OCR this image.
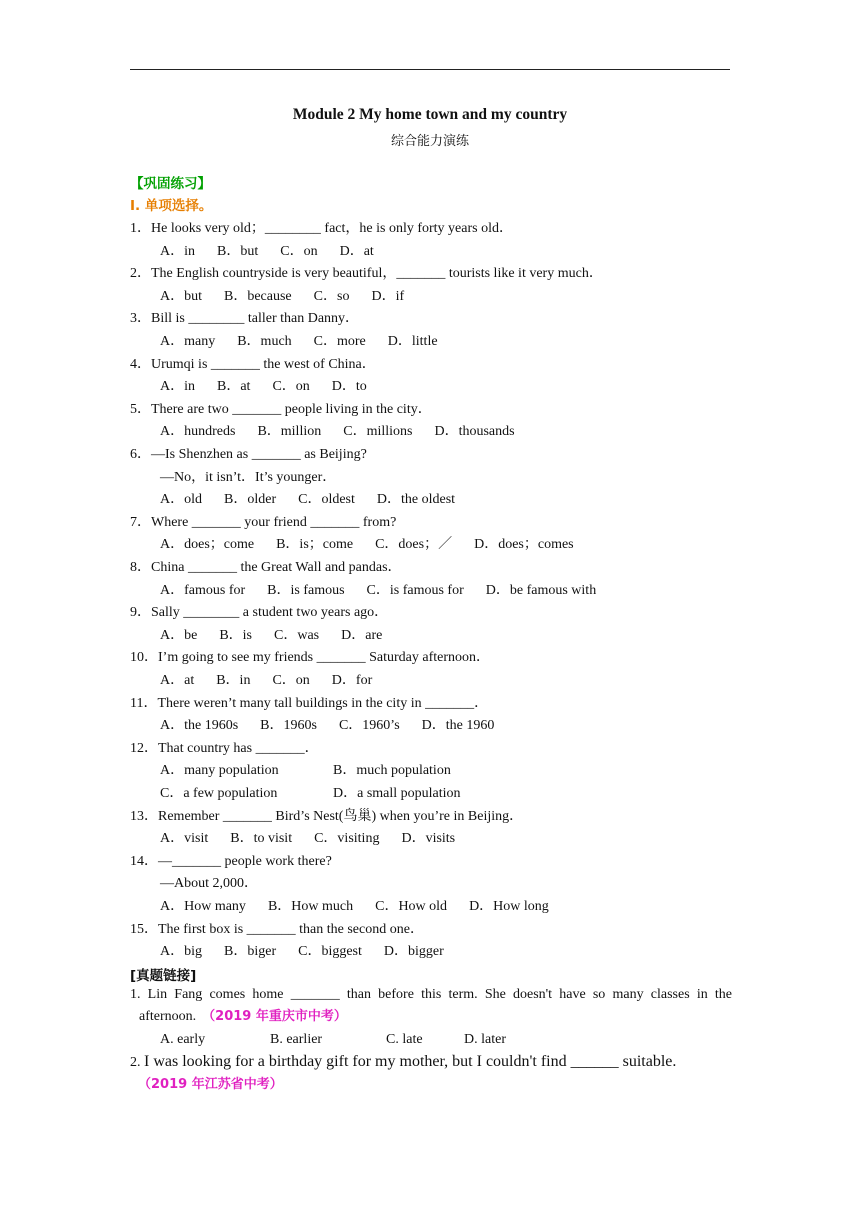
Module 2 My home town and my country
综合能力演练
【巩固练习】
I. 单项选择。
1．He looks very old；________ fact，he is only forty years old．
A．in B．but C．on D．at
2．The English countryside is very beautiful，_______ tourists like it very much．
A．but B．because C．so D．if
3．Bill is ________ taller than Danny．
A．many B．much C．more D．little
4．Urumqi is _______ the west of China．
A．in B．at C．on D．to
5．There are two _______ people living in the city．
A．hundreds B．million C．millions D．thousands
6．—Is Shenzhen as _______ as Beijing?
—No，it isn’t．It’s younger．
A．old B．older C．oldest D．the oldest
7．Where _______ your friend _______ from?
A．does；come B．is；come C．does；／ D．does；comes
8．China _______ the Great Wall and pandas．
A．famous for B．is famous C．is famous for D．be famous with
9．Sally ________ a student two years ago．
A．be B．is C．was D．are
10．I’m going to see my friends _______ Saturday afternoon．
A．at B．in C．on D．for
11．There weren’t many tall buildings in the city in _______．
A．the 1960s B．1960s C．1960’s D．the 1960
12．That country has _______．
A．many population	B．much population
C．a few population	D．a small population
13．Remember _______ Bird’s Nest(鸟巢) when you’re in Beijing．
A．visit B．to visit C．visiting D．visits
14．—_______ people work there?
—About 2,000．
A．How many B．How much C．How old D．How long
15．The first box is _______ than the second one．
A．big B．biger C．biggest D．bigger
[真题链接]
1. Lin Fang comes home _______ than before this term. She doesn't have so many classes in the
afternoon. （2019 年重庆市中考）
A. early	B. earlier	C. late	D. later
2. I was looking for a birthday gift for my mother, but I couldn't find ______ suitable.
（2019 年江苏省中考）
